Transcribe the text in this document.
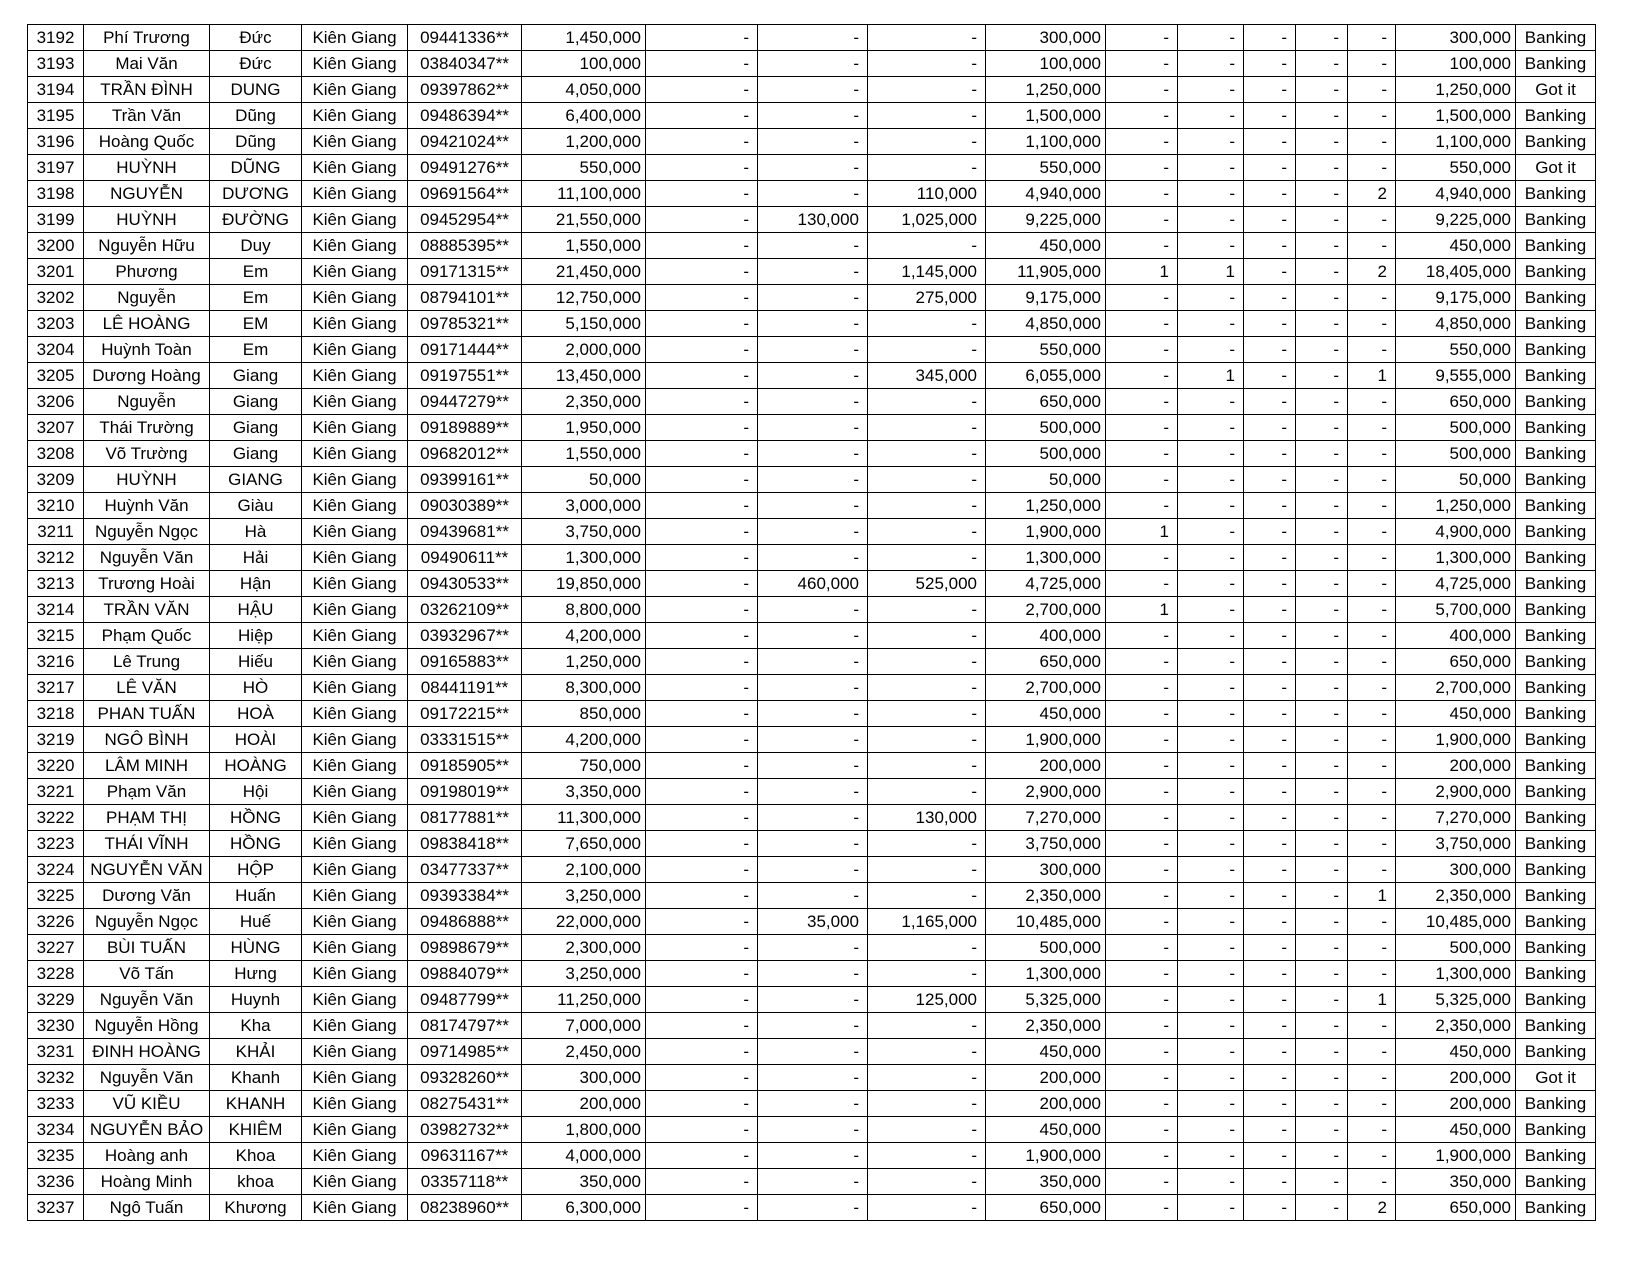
3192	Phí Trương	Đức	Kiên Giang	09441336**	1,450,000	-	-	-	300,000	-	-	-	-	-	300,000	Banking
3193	Mai Văn	Đức	Kiên Giang	03840347**	100,000	-	-	-	100,000	-	-	-	-	-	100,000	Banking
3194	TRẦN ĐÌNH	DUNG	Kiên Giang	09397862**	4,050,000	-	-	-	1,250,000	-	-	-	-	-	1,250,000	Got it
3195	Trần Văn	Dũng	Kiên Giang	09486394**	6,400,000	-	-	-	1,500,000	-	-	-	-	-	1,500,000	Banking
3196	Hoàng Quốc	Dũng	Kiên Giang	09421024**	1,200,000	-	-	-	1,100,000	-	-	-	-	-	1,100,000	Banking
3197	HUỲNH	DŨNG	Kiên Giang	09491276**	550,000	-	-	-	550,000	-	-	-	-	-	550,000	Got it
3198	NGUYỄN	DƯƠNG	Kiên Giang	09691564**	11,100,000	-	-	110,000	4,940,000	-	-	-	-	2	4,940,000	Banking
3199	HUỲNH	ĐƯỜNG	Kiên Giang	09452954**	21,550,000	-	130,000	1,025,000	9,225,000	-	-	-	-	-	9,225,000	Banking
3200	Nguyễn Hữu	Duy	Kiên Giang	08885395**	1,550,000	-	-	-	450,000	-	-	-	-	-	450,000	Banking
3201	Phương	Em	Kiên Giang	09171315**	21,450,000	-	-	1,145,000	11,905,000	1	1	-	-	2	18,405,000	Banking
3202	Nguyễn	Em	Kiên Giang	08794101**	12,750,000	-	-	275,000	9,175,000	-	-	-	-	-	9,175,000	Banking
3203	LÊ HOÀNG	EM	Kiên Giang	09785321**	5,150,000	-	-	-	4,850,000	-	-	-	-	-	4,850,000	Banking
3204	Huỳnh Toàn	Em	Kiên Giang	09171444**	2,000,000	-	-	-	550,000	-	-	-	-	-	550,000	Banking
3205	Dương Hoàng	Giang	Kiên Giang	09197551**	13,450,000	-	-	345,000	6,055,000	-	1	-	-	1	9,555,000	Banking
3206	Nguyễn	Giang	Kiên Giang	09447279**	2,350,000	-	-	-	650,000	-	-	-	-	-	650,000	Banking
3207	Thái Trường	Giang	Kiên Giang	09189889**	1,950,000	-	-	-	500,000	-	-	-	-	-	500,000	Banking
3208	Võ Trường	Giang	Kiên Giang	09682012**	1,550,000	-	-	-	500,000	-	-	-	-	-	500,000	Banking
3209	HUỲNH	GIANG	Kiên Giang	09399161**	50,000	-	-	-	50,000	-	-	-	-	-	50,000	Banking
3210	Huỳnh Văn	Giàu	Kiên Giang	09030389**	3,000,000	-	-	-	1,250,000	-	-	-	-	-	1,250,000	Banking
3211	Nguyễn Ngọc	Hà	Kiên Giang	09439681**	3,750,000	-	-	-	1,900,000	1	-	-	-	-	4,900,000	Banking
3212	Nguyễn Văn	Hải	Kiên Giang	09490611**	1,300,000	-	-	-	1,300,000	-	-	-	-	-	1,300,000	Banking
3213	Trương Hoài	Hận	Kiên Giang	09430533**	19,850,000	-	460,000	525,000	4,725,000	-	-	-	-	-	4,725,000	Banking
3214	TRẦN VĂN	HẬU	Kiên Giang	03262109**	8,800,000	-	-	-	2,700,000	1	-	-	-	-	5,700,000	Banking
3215	Phạm Quốc	Hiệp	Kiên Giang	03932967**	4,200,000	-	-	-	400,000	-	-	-	-	-	400,000	Banking
3216	Lê Trung	Hiếu	Kiên Giang	09165883**	1,250,000	-	-	-	650,000	-	-	-	-	-	650,000	Banking
3217	LÊ VĂN	HÒ	Kiên Giang	08441191**	8,300,000	-	-	-	2,700,000	-	-	-	-	-	2,700,000	Banking
3218	PHAN TUẤN	HOÀ	Kiên Giang	09172215**	850,000	-	-	-	450,000	-	-	-	-	-	450,000	Banking
3219	NGÔ BÌNH	HOÀI	Kiên Giang	03331515**	4,200,000	-	-	-	1,900,000	-	-	-	-	-	1,900,000	Banking
3220	LÂM MINH	HOÀNG	Kiên Giang	09185905**	750,000	-	-	-	200,000	-	-	-	-	-	200,000	Banking
3221	Phạm Văn	Hội	Kiên Giang	09198019**	3,350,000	-	-	-	2,900,000	-	-	-	-	-	2,900,000	Banking
3222	PHẠM THỊ	HỒNG	Kiên Giang	08177881**	11,300,000	-	-	130,000	7,270,000	-	-	-	-	-	7,270,000	Banking
3223	THÁI VĨNH	HỒNG	Kiên Giang	09838418**	7,650,000	-	-	-	3,750,000	-	-	-	-	-	3,750,000	Banking
3224	NGUYỄN VĂN	HỘP	Kiên Giang	03477337**	2,100,000	-	-	-	300,000	-	-	-	-	-	300,000	Banking
3225	Dương Văn	Huấn	Kiên Giang	09393384**	3,250,000	-	-	-	2,350,000	-	-	-	-	1	2,350,000	Banking
3226	Nguyễn Ngọc	Huế	Kiên Giang	09486888**	22,000,000	-	35,000	1,165,000	10,485,000	-	-	-	-	-	10,485,000	Banking
3227	BÙI TUẤN	HÙNG	Kiên Giang	09898679**	2,300,000	-	-	-	500,000	-	-	-	-	-	500,000	Banking
3228	Võ Tấn	Hưng	Kiên Giang	09884079**	3,250,000	-	-	-	1,300,000	-	-	-	-	-	1,300,000	Banking
3229	Nguyễn Văn	Huynh	Kiên Giang	09487799**	11,250,000	-	-	125,000	5,325,000	-	-	-	-	1	5,325,000	Banking
3230	Nguyễn Hồng	Kha	Kiên Giang	08174797**	7,000,000	-	-	-	2,350,000	-	-	-	-	-	2,350,000	Banking
3231	ĐINH HOÀNG	KHẢI	Kiên Giang	09714985**	2,450,000	-	-	-	450,000	-	-	-	-	-	450,000	Banking
3232	Nguyễn Văn	Khanh	Kiên Giang	09328260**	300,000	-	-	-	200,000	-	-	-	-	-	200,000	Got it
3233	VŨ KIỀU	KHANH	Kiên Giang	08275431**	200,000	-	-	-	200,000	-	-	-	-	-	200,000	Banking
3234	NGUYỄN BẢO	KHIÊM	Kiên Giang	03982732**	1,800,000	-	-	-	450,000	-	-	-	-	-	450,000	Banking
3235	Hoàng anh	Khoa	Kiên Giang	09631167**	4,000,000	-	-	-	1,900,000	-	-	-	-	-	1,900,000	Banking
3236	Hoàng Minh	khoa	Kiên Giang	03357118**	350,000	-	-	-	350,000	-	-	-	-	-	350,000	Banking
3237	Ngô Tuấn	Khương	Kiên Giang	08238960**	6,300,000	-	-	-	650,000	-	-	-	-	2	650,000	Banking
